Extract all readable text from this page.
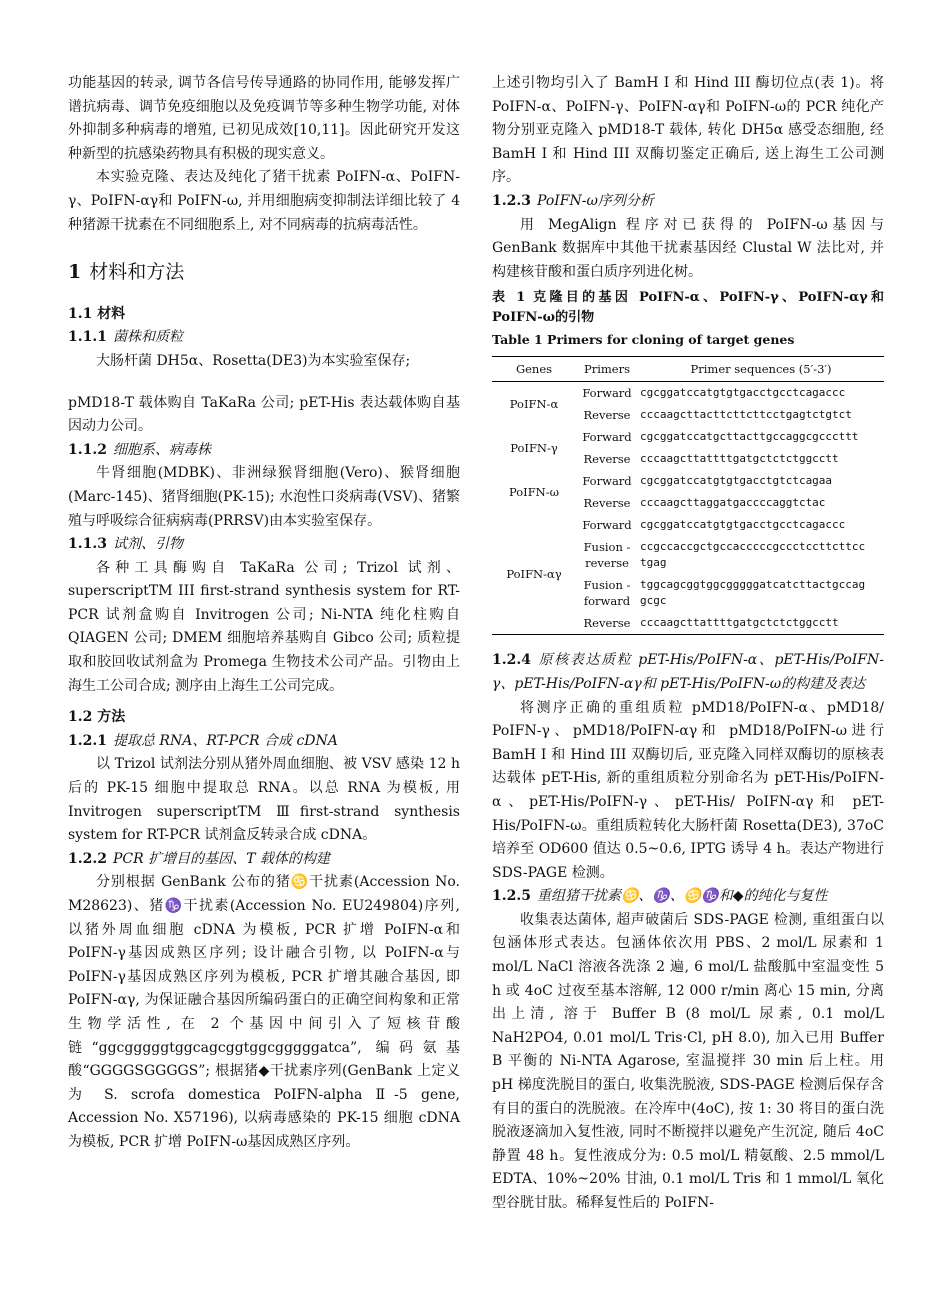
功能基因的转录, 调节各信号传导通路的协同作用, 能够发挥广谱抗病毒、调节免疫细胞以及免疫调节等多种生物学功能, 对体外抑制多种病毒的增殖, 已初见成效[10,11]。因此研究开发这种新型的抗感染药物具有积极的现实意义。

本实验克隆、表达及纯化了猪干扰素 PoIFN-α、PoIFN-γ、PoIFN-αγ和 PoIFN-ω, 并用细胞病变抑制法详细比较了 4 种猪源干扰素在不同细胞系上, 对不同病毒的抗病毒活性。

1 材料和方法

1.1 材料

1.1.1 菌株和质粒

大肠杆菌 DH5α、Rosetta(DE3)为本实验室保存;

pMD18-T 载体购自 TaKaRa 公司; pET-His 表达载体购自基因动力公司。

1.1.2 细胞系、病毒株

牛肾细胞(MDBK)、非洲绿猴肾细胞(Vero)、猴肾细胞(Marc-145)、猪肾细胞(PK-15); 水泡性口炎病毒(VSV)、猪繁殖与呼吸综合征病病毒(PRRSV)由本实验室保存。

1.1.3 试剂、引物

各种工具酶购自 TaKaRa 公司; Trizol 试剂、superscriptTM III first-strand synthesis system for RT-PCR 试剂盒购自 Invitrogen 公司; Ni-NTA 纯化柱购自 QIAGEN 公司; DMEM 细胞培养基购自 Gibco 公司; 质粒提取和胶回收试剂盒为 Promega 生物技术公司产品。引物由上海生工公司合成; 测序由上海生工公司完成。

1.2 方法

1.2.1 提取总 RNA、RT-PCR 合成 cDNA

以 Trizol 试剂法分别从猪外周血细胞、被 VSV 感染 12 h 后的 PK-15 细胞中提取总 RNA。以总 RNA 为模板, 用 Invitrogen superscriptTM Ⅲfirst-strand synthesis system for RT-PCR 试剂盒反转录合成 cDNA。

1.2.2 PCR 扩增目的基因、T 载体的构建

分别根据 GenBank 公布的猪♋干扰素(Accession No. M28623)、猪♑干扰素(Accession No. EU249804)序列, 以猪外周血细胞 cDNA 为模板, PCR 扩增 PoIFN-α和 PoIFN-γ基因成熟区序列; 设计融合引物, 以 PoIFN-α与 PoIFN-γ基因成熟区序列为模板, PCR 扩增其融合基因, 即 PoIFN-αγ, 为保证融合基因所编码蛋白的正确空间构象和正常生物学活性, 在 2 个基因中间引入了短核苷酸链“ggcgggggtggcagcggtggcgggggatca”, 编码氨基酸“GGGGSGGGGS”; 根据猪◆干扰素序列(GenBank 上定义为 S. scrofa domestica PoIFN-alpha Ⅱ-5 gene, Accession No. X57196), 以病毒感染的 PK-15 细胞 cDNA 为模板, PCR 扩增 PoIFN-ω基因成熟区序列。

上述引物均引入了 BamH I 和 Hind III 酶切位点(表 1)。将 PoIFN-α、PoIFN-γ、PoIFN-αγ和 PoIFN-ω的 PCR 纯化产物分别亚克隆入 pMD18-T 载体, 转化 DH5α 感受态细胞, 经 BamH I 和 Hind III 双酶切鉴定正确后, 送上海生工公司测序。

1.2.3 PoIFN-ω序列分析

用 MegAlign 程序对已获得的 PoIFN-ω基因与 GenBank 数据库中其他干扰素基因经 Clustal W 法比对, 并构建核苷酸和蛋白质序列进化树。

表 1 克隆目的基因 PoIFN-α、PoIFN-γ、PoIFN-αγ和 PoIFN-ω的引物

Table 1 Primers for cloning of target genes

Genes	Primers	Primer sequences (5′-3′)
PoIFN-α	Forward	cgcggatccatgtgtgacctgcctcagaccc
	Reverse	cccaagcttacttcttcttcctgagtctgtct
PoIFN-γ	Forward	cgcggatccatgcttacttgccaggcgcccttt
	Reverse	cccaagcttattttgatgctctctggcctt
PoIFN-ω	Forward	cgcggatccatgtgtgacctgtctcagaa
	Reverse	cccaagcttaggatgaccccaggtctac
PoIFN-αγ	Forward	cgcggatccatgtgtgacctgcctcagaccc
	Fusion -reverse	ccgccaccgctgccacccccgccctccttcttcc tgag
	Fusion -forward	tggcagcggtggcgggggatcatcttactgccag gcgc
	Reverse	cccaagcttattttgatgctctctggcctt

1.2.4 原核表达质粒 pET-His/PoIFN-α、pET-His/PoIFN-γ、pET-His/PoIFN-αγ和 pET-His/PoIFN-ω的构建及表达

将测序正确的重组质粒 pMD18/PoIFN-α、pMD18/ PoIFN-γ、pMD18/PoIFN-αγ和 pMD18/PoIFN-ω进行 BamH I 和 Hind III 双酶切后, 亚克隆入同样双酶切的原核表达载体 pET-His, 新的重组质粒分别命名为 pET-His/PoIFN- α、pET-His/PoIFN-γ、pET-His/ PoIFN-αγ和 pET-His/PoIFN-ω。重组质粒转化大肠杆菌 Rosetta(DE3), 37oC 培养至 OD600 值达 0.5~0.6, IPTG 诱导 4 h。表达产物进行 SDS-PAGE 检测。

1.2.5 重组猪干扰素♋、♑、♋♑和◆的纯化与复性

收集表达菌体, 超声破菌后 SDS-PAGE 检测, 重组蛋白以包涵体形式表达。包涵体依次用 PBS、2 mol/L 尿素和 1 mol/L NaCl 溶液各洗涤 2 遍, 6 mol/L 盐酸胍中室温变性 5 h 或 4oC 过夜至基本溶解, 12 000 r/min 离心 15 min, 分离出上清, 溶于 Buffer B (8 mol/L 尿素, 0.1 mol/L NaH2PO4, 0.01 mol/L Tris·Cl, pH 8.0), 加入已用 Buffer B 平衡的 Ni-NTA Agarose, 室温搅拌 30 min 后上柱。用 pH 梯度洗脱目的蛋白, 收集洗脱液, SDS-PAGE 检测后保存含有目的蛋白的洗脱液。在冷库中(4oC), 按 1: 30 将目的蛋白洗脱液逐滴加入复性液, 同时不断搅拌以避免产生沉淀, 随后 4oC 静置 48 h。复性液成分为: 0.5 mol/L 精氨酸、2.5 mmol/L EDTA、10%~20% 甘油, 0.1 mol/L Tris 和 1 mmol/L 氧化型谷胱甘肽。稀释复性后的 PoIFN-
